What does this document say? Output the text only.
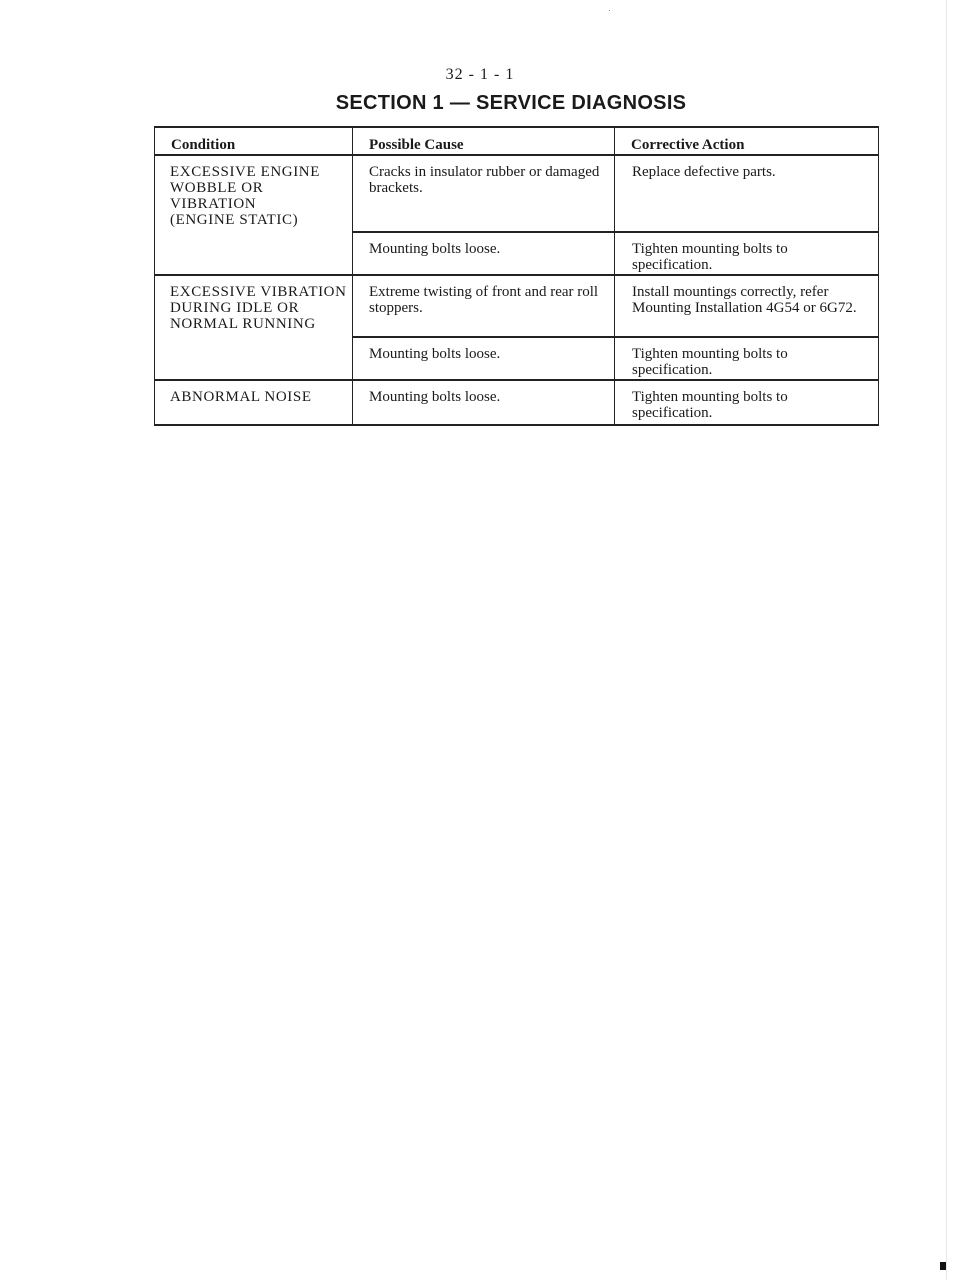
32 - 1 - 1
SECTION 1 — SERVICE DIAGNOSIS
Condition	Possible Cause	Corrective Action
EXCESSIVE ENGINE
WOBBLE OR
VIBRATION
(ENGINE STATIC)	Cracks in insulator rubber or damaged brackets.	Replace defective parts.

	Mounting bolts loose.	Tighten mounting bolts to specification.

EXCESSIVE VIBRATION
DURING IDLE OR
NORMAL RUNNING	Extreme twisting of front and rear roll stoppers.	Install mountings correctly, refer Mounting Installation 4G54 or 6G72.

	Mounting bolts loose.	Tighten mounting bolts to specification.

ABNORMAL NOISE	Mounting bolts loose.	Tighten mounting bolts to specification.
